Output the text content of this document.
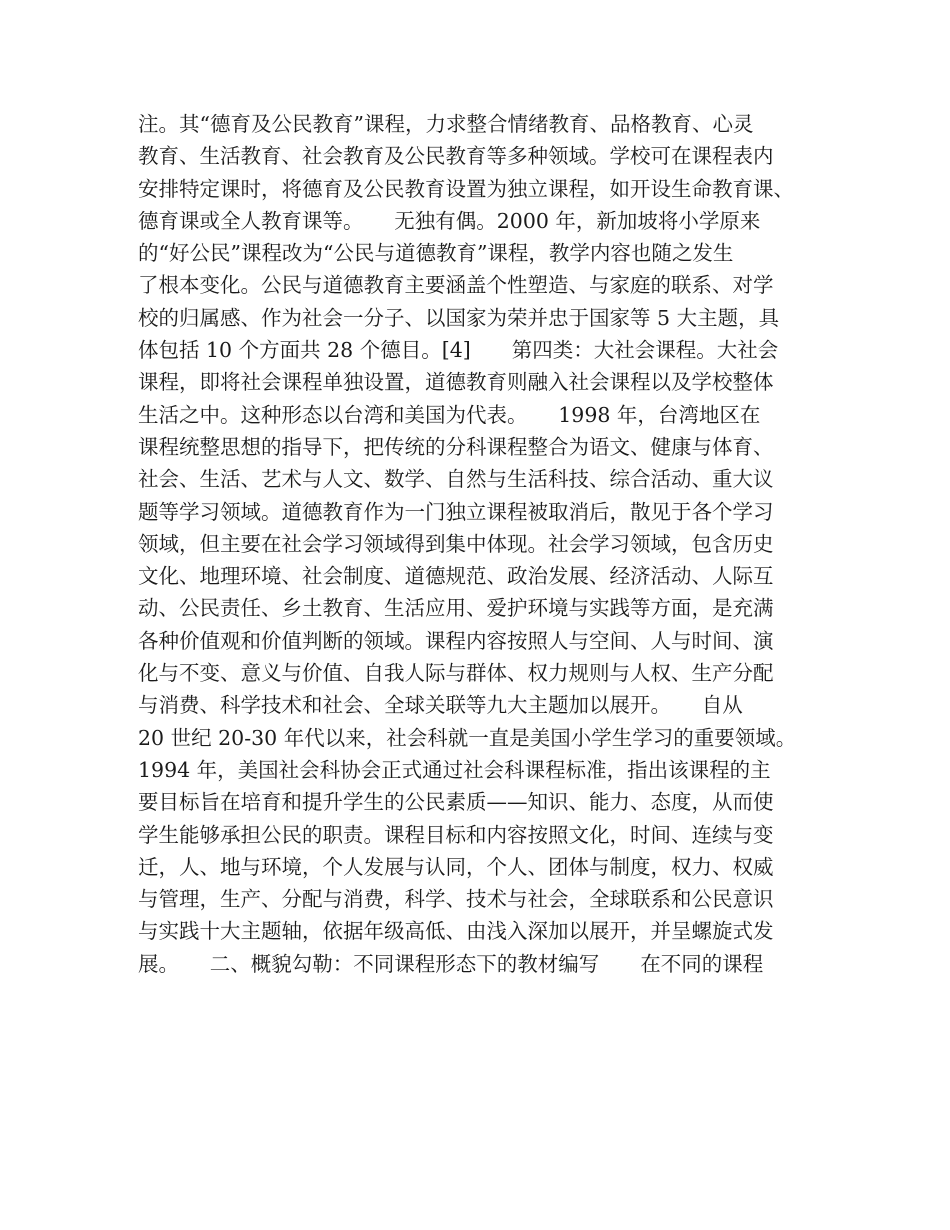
注。其“德育及公民教育”课程，力求整合情绪教育、品格教育、心灵
教育、生活教育、社会教育及公民教育等多种领域。学校可在课程表内
安排特定课时，将德育及公民教育设置为独立课程，如开设生命教育课、
德育课或全人教育课等。　　无独有偶。2000 年，新加坡将小学原来
的“好公民”课程改为“公民与道德教育”课程，教学内容也随之发生
了根本变化。公民与道德教育主要涵盖个性塑造、与家庭的联系、对学
校的归属感、作为社会一分子、以国家为荣并忠于国家等 5 大主题，具
体包括 10 个方面共 28 个德目。[4]　　第四类：大社会课程。大社会
课程，即将社会课程单独设置，道德教育则融入社会课程以及学校整体
生活之中。这种形态以台湾和美国为代表。　　1998 年，台湾地区在
课程统整思想的指导下，把传统的分科课程整合为语文、健康与体育、
社会、生活、艺术与人文、数学、自然与生活科技、综合活动、重大议
题等学习领域。道德教育作为一门独立课程被取消后，散见于各个学习
领域，但主要在社会学习领域得到集中体现。社会学习领域，包含历史
文化、地理环境、社会制度、道德规范、政治发展、经济活动、人际互
动、公民责任、乡土教育、生活应用、爱护环境与实践等方面，是充满
各种价值观和价值判断的领域。课程内容按照人与空间、人与时间、演
化与不变、意义与价值、自我人际与群体、权力规则与人权、生产分配
与消费、科学技术和社会、全球关联等九大主题加以展开。　　自从
20 世纪 20-30 年代以来，社会科就一直是美国小学生学习的重要领域。
1994 年，美国社会科协会正式通过社会科课程标准，指出该课程的主
要目标旨在培育和提升学生的公民素质——知识、能力、态度，从而使
学生能够承担公民的职责。课程目标和内容按照文化，时间、连续与变
迁，人、地与环境，个人发展与认同，个人、团体与制度，权力、权威
与管理，生产、分配与消费，科学、技术与社会，全球联系和公民意识
与实践十大主题轴，依据年级高低、由浅入深加以展开，并呈螺旋式发
展。　　二、概貌勾勒：不同课程形态下的教材编写　　在不同的课程
